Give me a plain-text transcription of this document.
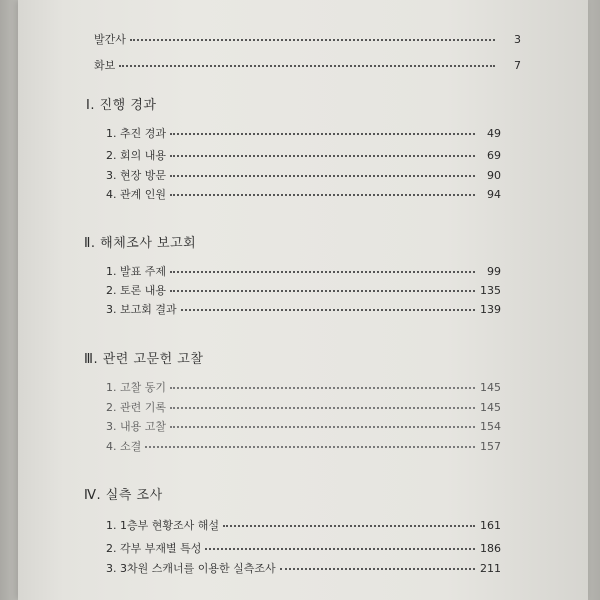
발간사	3
화보	7
Ⅰ. 진행 경과
1. 추진 경과	49
2. 회의 내용	69
3. 현장 방문	90
4. 관계 인원	94
Ⅱ. 해체조사 보고회
1. 발표 주제	99
2. 토론 내용	135
3. 보고회 결과	139
Ⅲ. 관련 고문헌 고찰
1. 고찰 동기	145
2. 관련 기록	145
3. 내용 고찰	154
4. 소결	157
Ⅳ. 실측 조사
1. 1층부 현황조사 해설	161
2. 각부 부재별 특성	186
3. 3차원 스캐너를 이용한 실측조사	211
